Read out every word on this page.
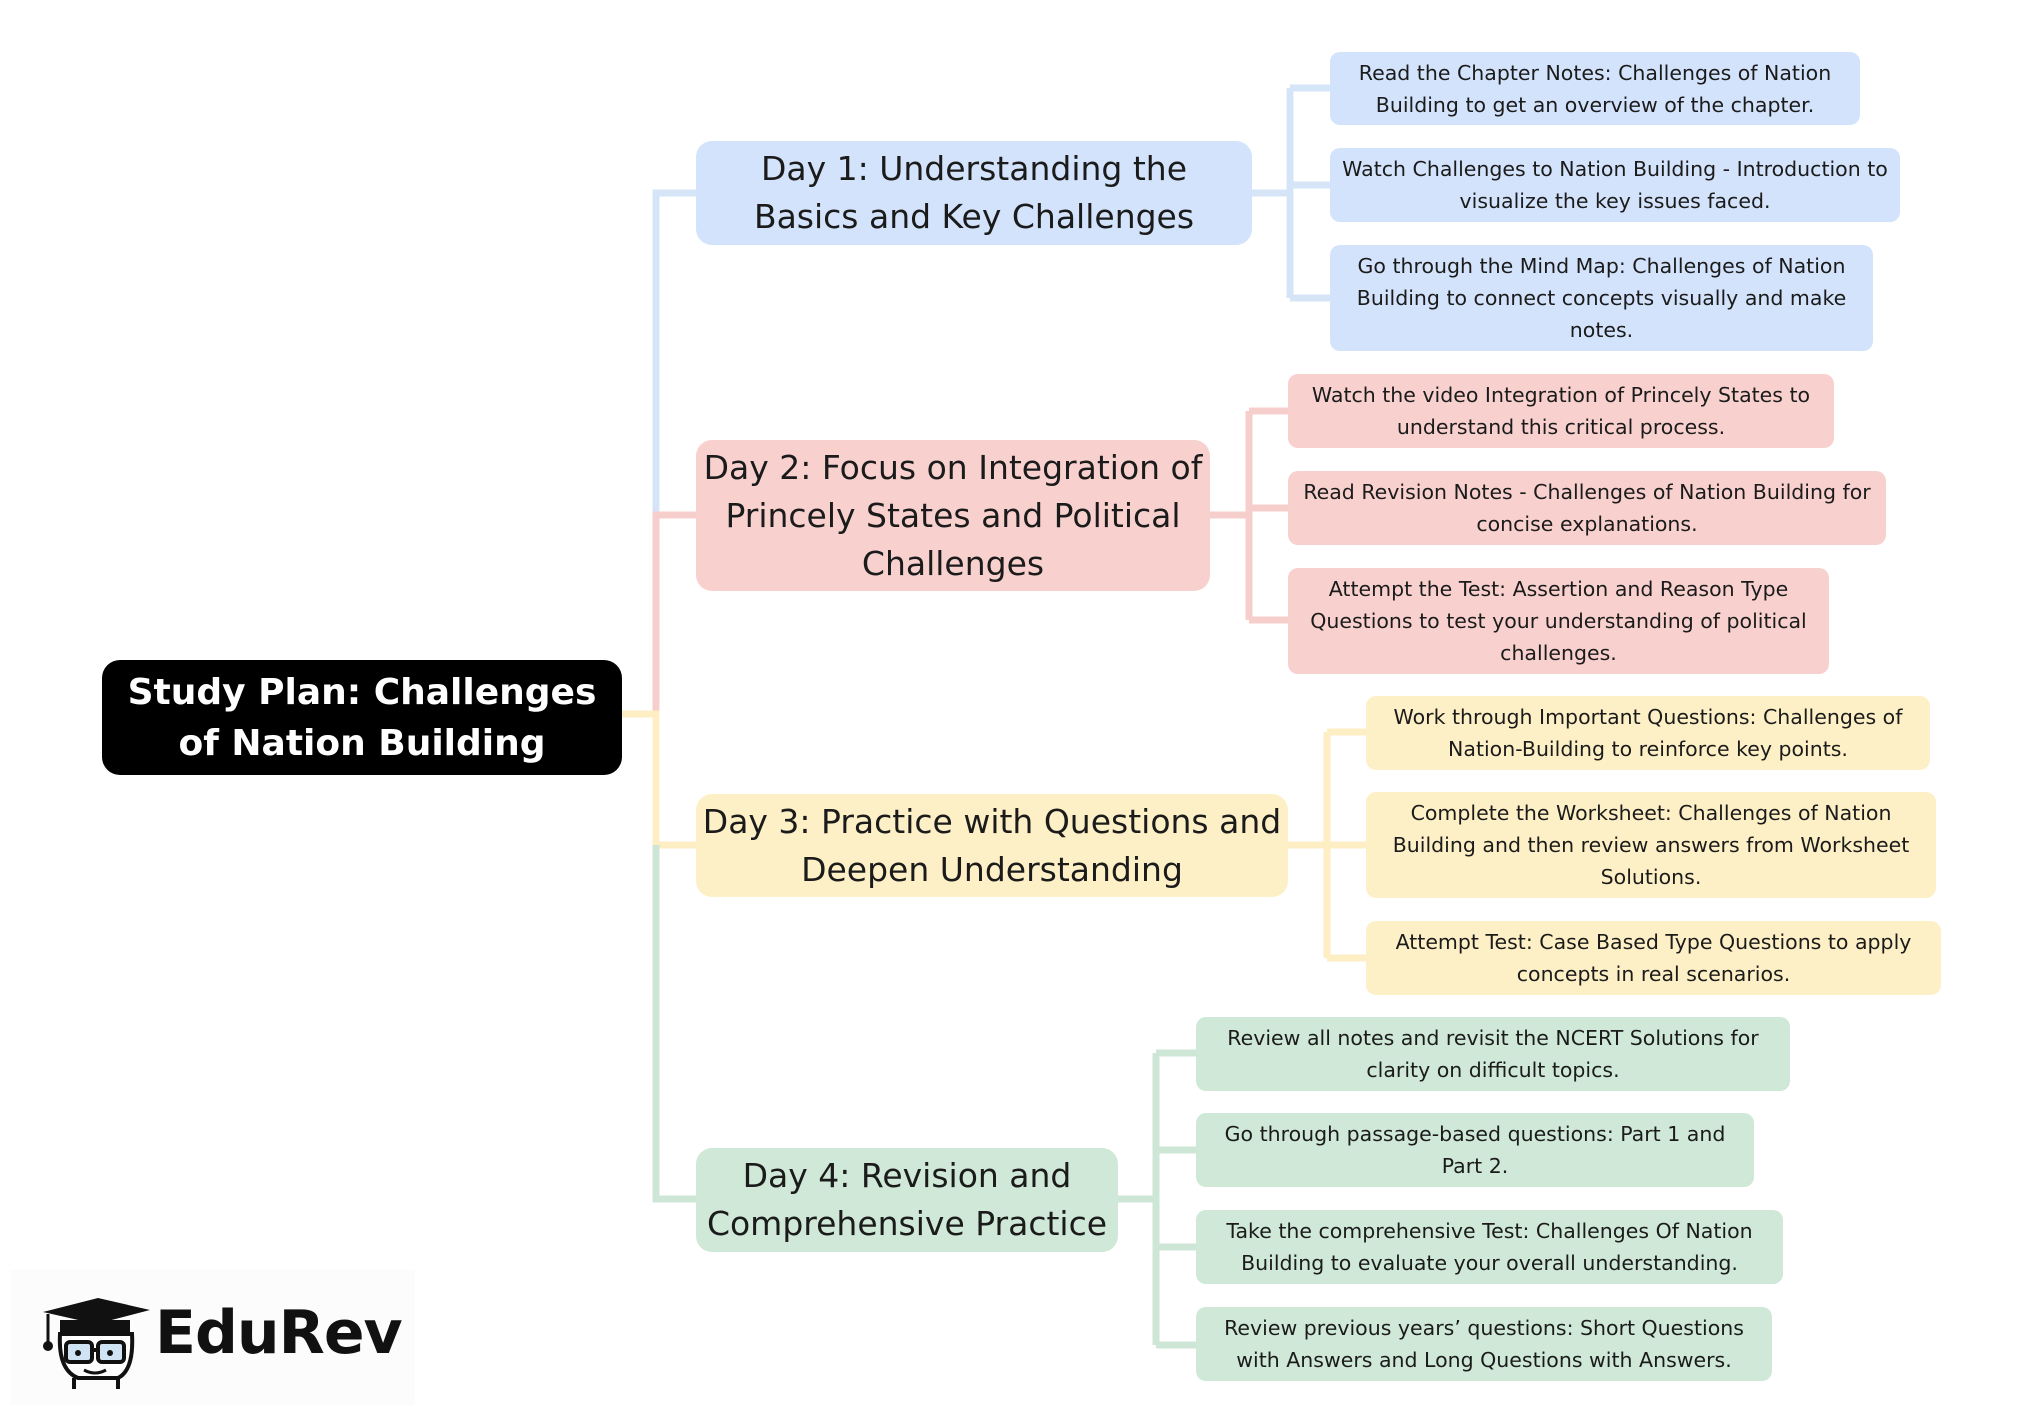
Study Plan: Challenges of Nation Building
Day 1: Understanding the Basics and Key Challenges
Read the Chapter Notes: Challenges of Nation Building to get an overview of the chapter.
Watch Challenges to Nation Building - Introduction to visualize the key issues faced.
Go through the Mind Map: Challenges of Nation Building to connect concepts visually and make notes.
Day 2: Focus on Integration of Princely States and Political Challenges
Watch the video Integration of Princely States to understand this critical process.
Read Revision Notes - Challenges of Nation Building for concise explanations.
Attempt the Test: Assertion and Reason Type Questions to test your understanding of political challenges.
Day 3: Practice with Questions and Deepen Understanding
Work through Important Questions: Challenges of Nation-Building to reinforce key points.
Complete the Worksheet: Challenges of Nation Building and then review answers from Worksheet Solutions.
Attempt Test: Case Based Type Questions to apply concepts in real scenarios.
Day 4: Revision and Comprehensive Practice
Review all notes and revisit the NCERT Solutions for clarity on difficult topics.
Go through passage-based questions: Part 1 and Part 2.
Take the comprehensive Test: Challenges Of Nation Building to evaluate your overall understanding.
Review previous years’ questions: Short Questions with Answers and Long Questions with Answers.
EduRev
